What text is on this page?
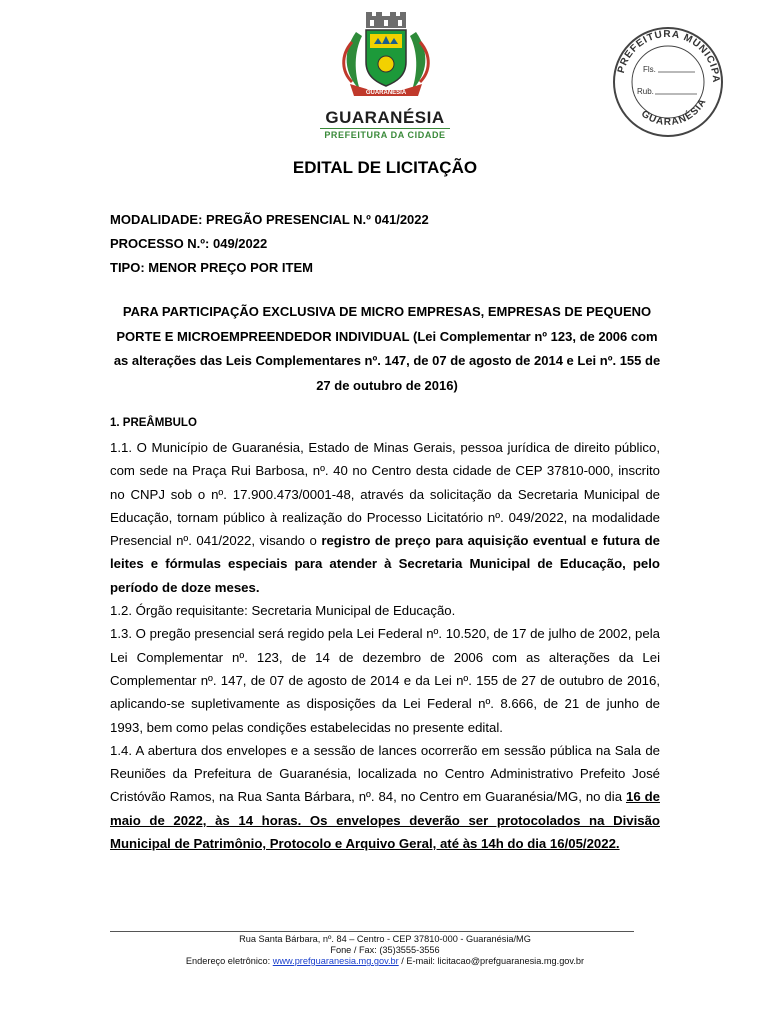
GUARANÉSIA
GUARANÉSIA
PREFEITURA DA CIDADE
PREFEITURA MUNICIPA
GUARANÉSIA
Fls.
Rub.
EDITAL DE LICITAÇÃO
MODALIDADE: PREGÃO PRESENCIAL N.º 041/2022
PROCESSO N.º: 049/2022
TIPO: MENOR PREÇO POR ITEM
PARA PARTICIPAÇÃO EXCLUSIVA DE MICRO EMPRESAS, EMPRESAS DE PEQUENO PORTE E MICROEMPREENDEDOR INDIVIDUAL (Lei Complementar nº 123, de 2006 com as alterações das Leis Complementares nº. 147, de 07 de agosto de 2014 e Lei nº. 155 de 27 de outubro de 2016)
1. PREÂMBULO

1.1. O Município de Guaranésia, Estado de Minas Gerais, pessoa jurídica de direito público, com sede na Praça Rui Barbosa, nº. 40 no Centro desta cidade de CEP 37810-000, inscrito no CNPJ sob o nº. 17.900.473/0001-48, através da solicitação da Secretaria Municipal de Educação, tornam público à realização do Processo Licitatório nº. 049/2022, na modalidade Presencial nº. 041/2022, visando o registro de preço para aquisição eventual e futura de leites e fórmulas especiais para atender à Secretaria Municipal de Educação, pelo período de doze meses.

1.2. Órgão requisitante: Secretaria Municipal de Educação.

1.3. O pregão presencial será regido pela Lei Federal nº. 10.520, de 17 de julho de 2002, pela Lei Complementar nº. 123, de 14 de dezembro de 2006 com as alterações da Lei Complementar nº. 147, de 07 de agosto de 2014 e da Lei nº. 155 de 27 de outubro de 2016, aplicando-se supletivamente as disposições da Lei Federal nº. 8.666, de 21 de junho de 1993, bem como pelas condições estabelecidas no presente edital.

1.4. A abertura dos envelopes e a sessão de lances ocorrerão em sessão pública na Sala de Reuniões da Prefeitura de Guaranésia, localizada no Centro Administrativo Prefeito José Cristóvão Ramos, na Rua Santa Bárbara, nº. 84, no Centro em Guaranésia/MG, no dia 16 de maio de 2022, às 14 horas. Os envelopes deverão ser protocolados na Divisão Municipal de Patrimônio, Protocolo e Arquivo Geral, até às 14h do dia 16/05/2022.

Rua Santa Bárbara, nº. 84 – Centro - CEP 37810-000 - Guaranésia/MG
Fone / Fax: (35)3555-3556
Endereço eletrônico: www.prefguaranesia.mg.gov.br / E-mail: licitacao@prefguaranesia.mg.gov.br
